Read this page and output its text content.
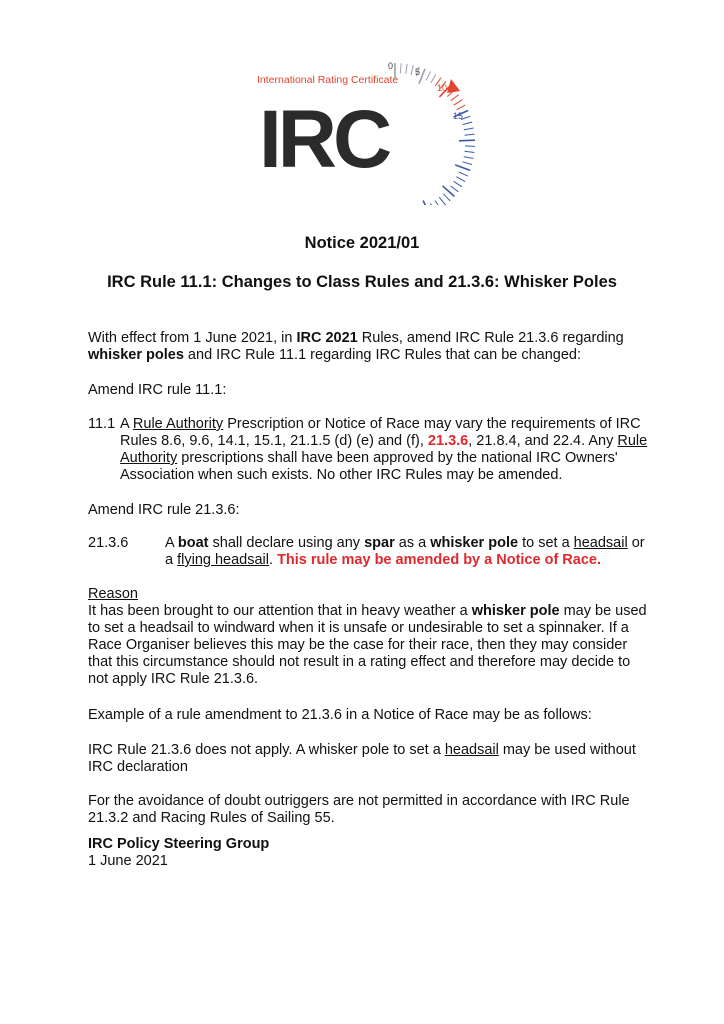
International Rating Certificate
0
5
10
15
IRC
Notice 2021/01
IRC Rule 11.1: Changes to Class Rules and 21.3.6: Whisker Poles

With effect from 1 June 2021, in IRC 2021 Rules, amend IRC Rule 21.3.6 regarding whisker poles and IRC Rule 11.1 regarding IRC Rules that can be changed:

Amend IRC rule 11.1:
11.1 A Rule Authority Prescription or Notice of Race may vary the requirements of IRC Rules 8.6, 9.6, 14.1, 15.1, 21.1.5 (d) (e) and (f), 21.3.6, 21.8.4, and 22.4. Any Rule Authority prescriptions shall have been approved by the national IRC Owners' Association when such exists. No other IRC Rules may be amended.
Amend IRC rule 21.3.6:
21.3.6	A boat shall declare using any spar as a whisker pole to set a headsail or a flying headsail. This rule may be amended by a Notice of Race.

Reason

It has been brought to our attention that in heavy weather a whisker pole may be used to set a headsail to windward when it is unsafe or undesirable to set a spinnaker. If a Race Organiser believes this may be the case for their race, then they may consider that this circumstance should not result in a rating effect and therefore may decide to not apply IRC Rule 21.3.6.

Example of a rule amendment to 21.3.6 in a Notice of Race may be as follows:

IRC Rule 21.3.6 does not apply. A whisker pole to set a headsail may be used without IRC declaration

For the avoidance of doubt outriggers are not permitted in accordance with IRC Rule 21.3.2 and Racing Rules of Sailing 55.

IRC Policy Steering Group

1 June 2021
